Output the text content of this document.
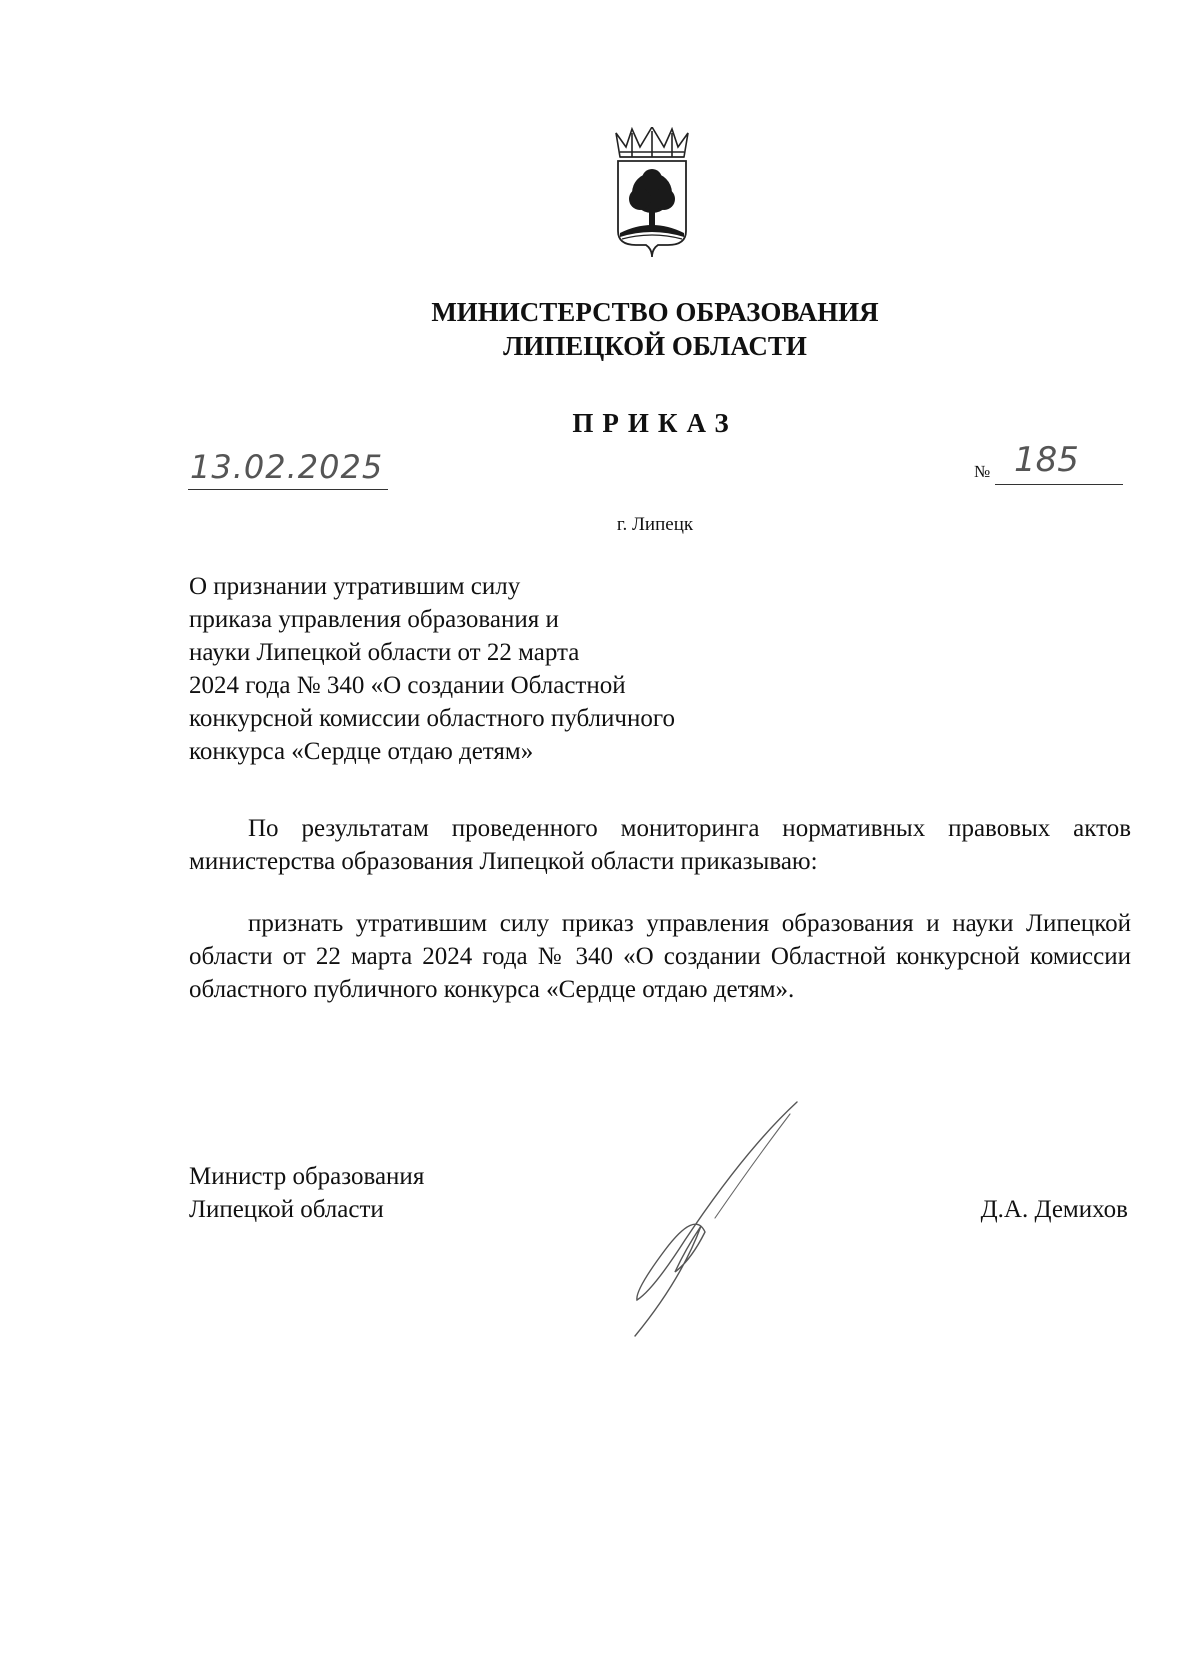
МИНИСТЕРСТВО ОБРАЗОВАНИЯ
ЛИПЕЦКОЙ ОБЛАСТИ
ПРИКАЗ
13.02.2025	№ 185
г. Липецк
О признании утратившим силу
приказа управления образования и
науки Липецкой области от 22 марта
2024 года № 340 «О создании Областной
конкурсной комиссии областного публичного
конкурса «Сердце отдаю детям»
По результатам проведенного мониторинга нормативных правовых актов министерства образования Липецкой области приказываю:
признать утратившим силу приказ управления образования и науки Липецкой области от 22 марта 2024 года № 340 «О создании Областной конкурсной комиссии областного публичного конкурса «Сердце отдаю детям».
Министр образования
Липецкой области	Д.А. Демихов
